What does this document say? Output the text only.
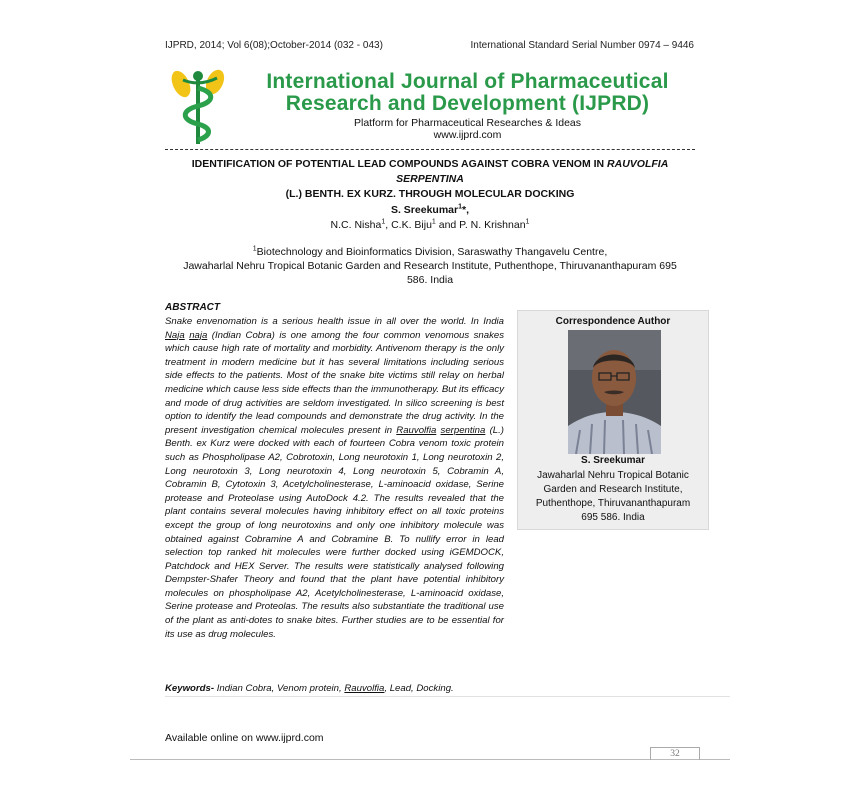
IJPRD, 2014; Vol 6(08);October-2014 (032 - 043)	International Standard Serial Number 0974 – 9446
International Journal of Pharmaceutical
Research and Development (IJPRD)
Platform for Pharmaceutical Researches & Ideas
www.ijprd.com
IDENTIFICATION OF POTENTIAL LEAD COMPOUNDS AGAINST COBRA VENOM IN RAUVOLFIA SERPENTINA
(L.) BENTH. EX KURZ. THROUGH MOLECULAR DOCKING
S. Sreekumar$^1$*,
N.C. Nisha$^1$, C.K. Biju$^1$ and P. N. Krishnan$^1$
$^1$Biotechnology and Bioinformatics Division, Saraswathy Thangavelu Centre,
Jawaharlal Nehru Tropical Botanic Garden and Research Institute, Puthenthope, Thiruvananthapuram 695
586. India
ABSTRACT
Snake envenomation is a serious health issue in all over the world. In India Naja naja (Indian Cobra) is one among the four common venomous snakes which cause high rate of mortality and morbidity. Antivenom therapy is the only treatment in modern medicine but it has several limitations including serious side effects to the patients. Most of the snake bite victims still relay on herbal medicine which cause less side effects than the immunotherapy. But its efficacy and mode of drug activities are seldom investigated. In silico screening is best option to identify the lead compounds and demonstrate the drug activity. In the present investigation chemical molecules present in Rauvolfia serpentina (L.) Benth. ex Kurz were docked with each of fourteen Cobra venom toxic protein such as Phospholipase A2, Cobrotoxin, Long neurotoxin 1, Long neurotoxin 2, Long neurotoxin 3, Long neurotoxin 4, Long neurotoxin 5, Cobramin A, Cobramin B, Cytotoxin 3, Acetylcholinesterase, L-aminoacid oxidase, Serine protease and Proteolase using AutoDock 4.2. The results revealed that the plant contains several molecules having inhibitory effect on all toxic proteins except the group of long neurotoxins and only one inhibitory molecule was obtained against Cobramine A and Cobramine B. To nullify error in lead selection top ranked hit molecules were further docked using iGEMDOCK, Patchdock and HEX Server. The results were statistically analysed following Dempster-Shafer Theory and found that the plant have potential inhibitory molecules on phospholipase A2, Acetylcholinesterase, L-aminoacid oxidase, Serine protease and Proteolas. The results also substantiate the traditional use of the plant as anti-dotes to snake bites. Further studies are to be essential for its use as drug molecules.
Keywords- Indian Cobra, Venom protein, Rauvolfia, Lead, Docking.
Correspondence Author
S. Sreekumar
Jawaharlal Nehru Tropical Botanic
Garden and Research Institute,
Puthenthope, Thiruvananthapuram
695 586. India
Available online on www.ijprd.com
32
